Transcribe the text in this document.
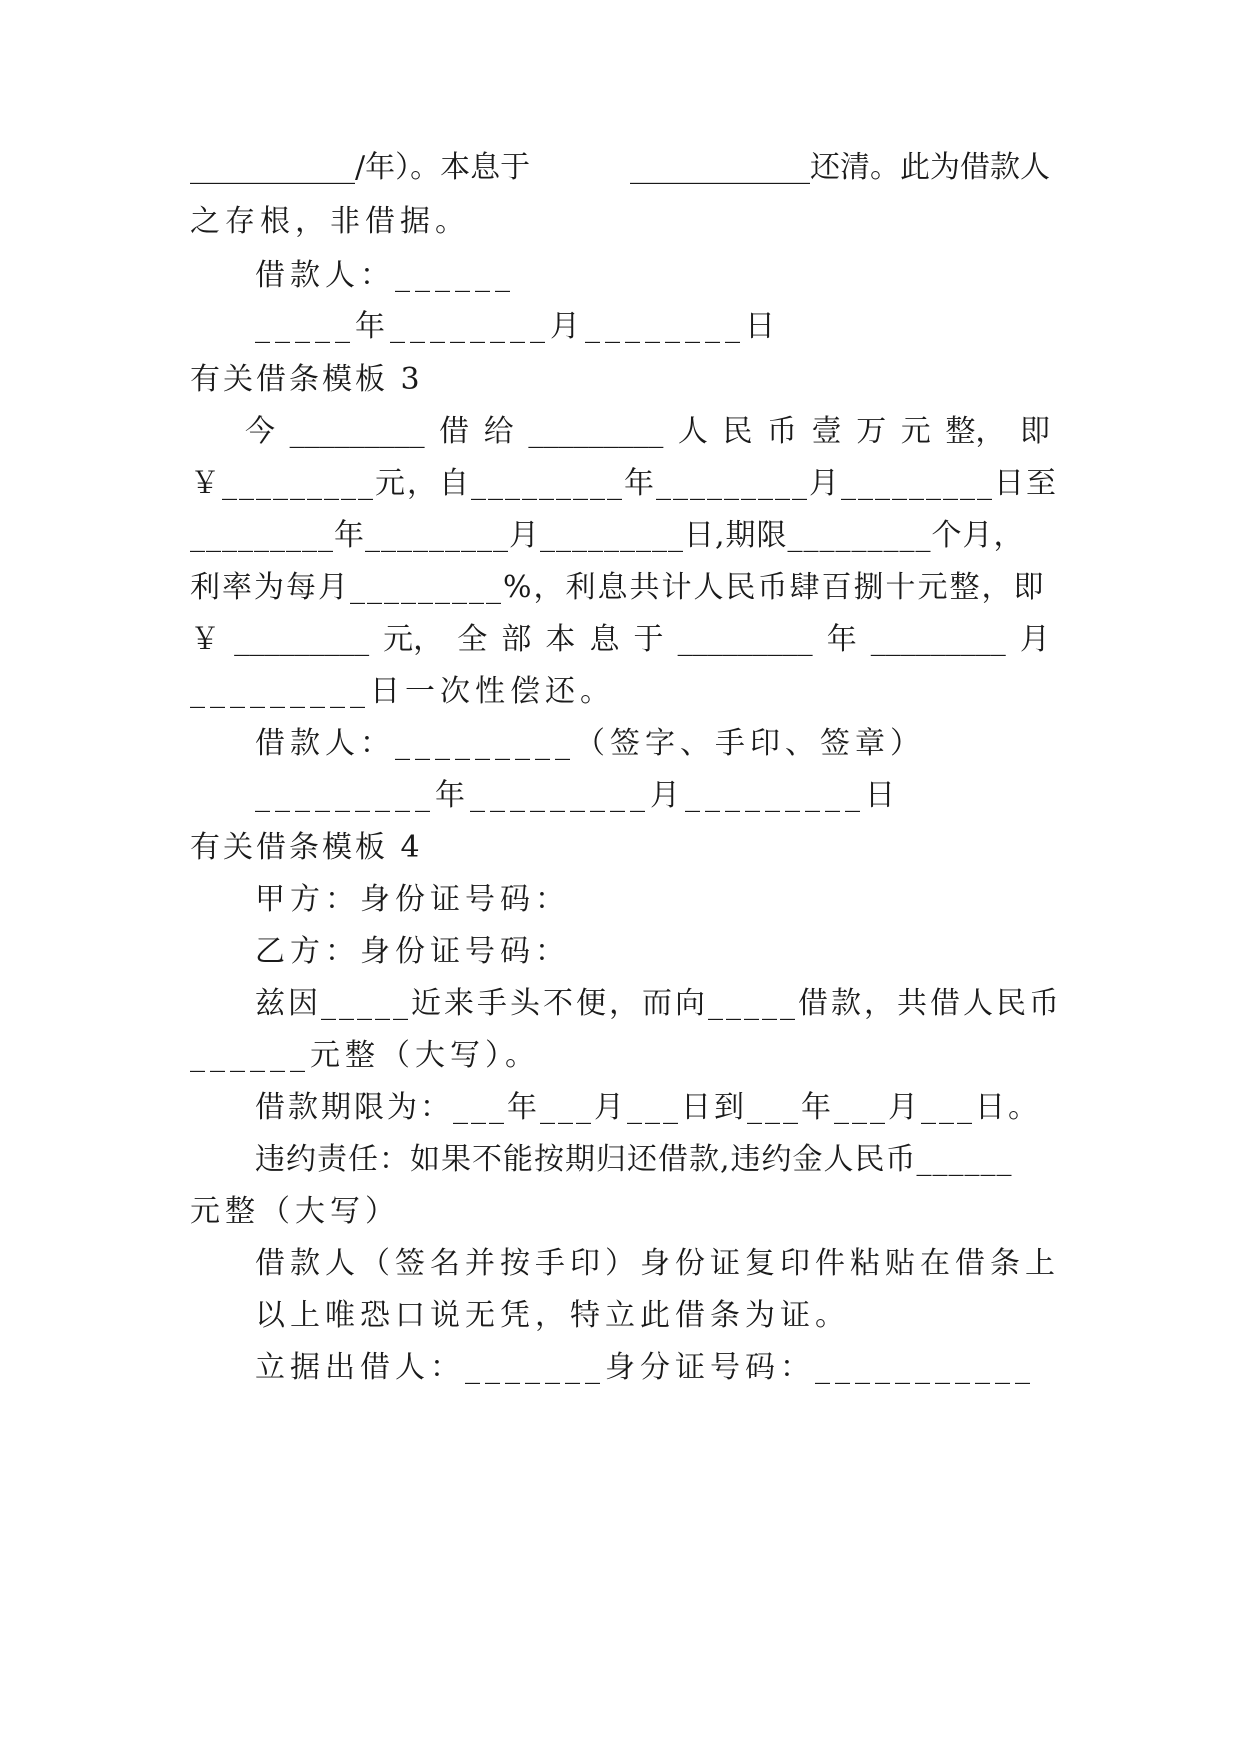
___________/年）。本息于	____________还清。此为借款人
之存根，非借据。
借款人：______
_____年________月________日
有关借条模板 3
今 _________ 借 给 _________ 人 民 币 壹 万 元 整， 即
￥_________元，自_________年_________月_________日至
_________年_________月_________日,期限_________个月，
利率为每月_________%，利息共计人民币肆百捌十元整，即
￥ _________ 元， 全 部 本 息 于 _________ 年 _________ 月
_________日一次性偿还。
借款人：_________（签字、手印、签章）
_________年_________月_________日
有关借条模板 4
甲方：身份证号码：
乙方：身份证号码：
兹因_____近来手头不便，而向_____借款，共借人民币
______元整（大写）。
借款期限为：___年___月___日到___年___月___日。
违约责任：如果不能按期归还借款,违约金人民币______
元整（大写）
借款人（签名并按手印）身份证复印件粘贴在借条上
以上唯恐口说无凭，特立此借条为证。
立据出借人：_______身分证号码：___________
